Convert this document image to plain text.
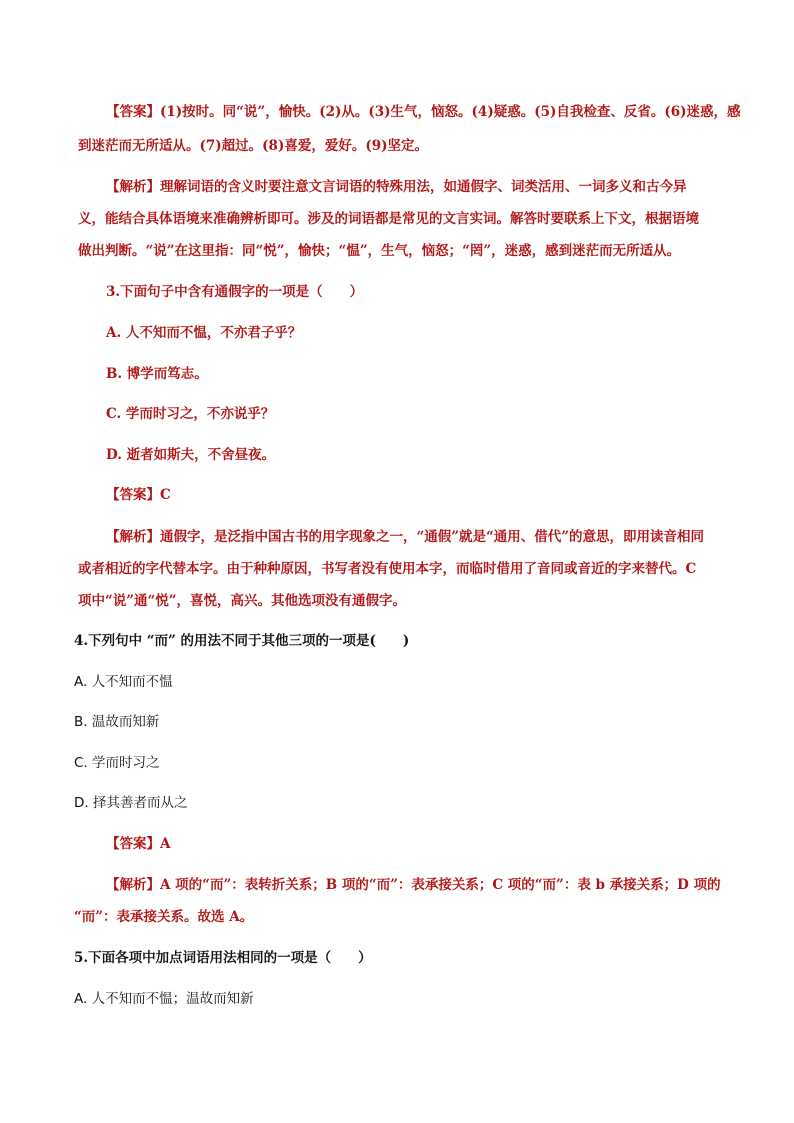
【答案】(1)按时。同“说”，愉快。(2)从。(3)生气，恼怒。(4)疑惑。(5)自我检查、反省。(6)迷惑，感
到迷茫而无所适从。(7)超过。(8)喜爱，爱好。(9)坚定。
【解析】理解词语的含义时要注意文言词语的特殊用法，如通假字、词类活用、一词多义和古今异
义，能结合具体语境来准确辨析即可。涉及的词语都是常见的文言实词。解答时要联系上下文，根据语境
做出判断。“说”在这里指：同“悦”，愉快；“愠”，生气，恼怒；“罔”，迷惑，感到迷茫而无所适从。
3.下面句子中含有通假字的一项是（　　）
A. 人不知而不愠，不亦君子乎？
B. 博学而笃志。
C. 学而时习之，不亦说乎？
D. 逝者如斯夫，不舍昼夜。
【答案】C
【解析】通假字，是泛指中国古书的用字现象之一，“通假”就是“通用、借代”的意思，即用读音相同
或者相近的字代替本字。由于种种原因，书写者没有使用本字，而临时借用了音同或音近的字来替代。C
项中“说”通“悦”，喜悦，高兴。其他选项没有通假字。
4.下列句中 “而” 的用法不同于其他三项的一项是(　　)
A. 人不知而不愠
B. 温故而知新
C. 学而时习之
D. 择其善者而从之
【答案】A
【解析】A 项的“而”：表转折关系；B 项的“而”：表承接关系；C 项的“而”：表 b 承接关系；D 项的
“而”：表承接关系。故选 A。
5.下面各项中加点词语用法相同的一项是（　　）
A. 人不知而不愠；温故而知新
